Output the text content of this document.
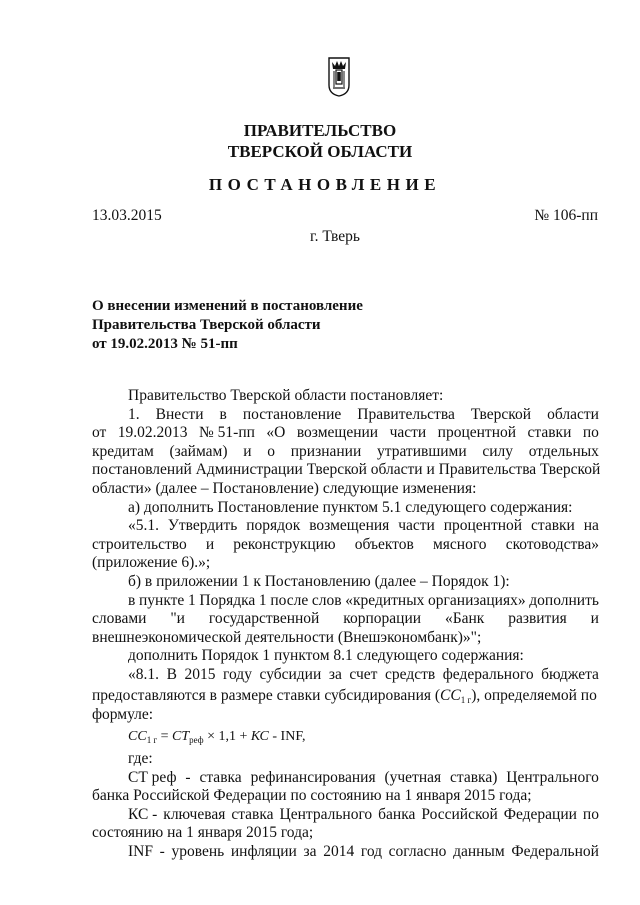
ПРАВИТЕЛЬСТВО
ТВЕРСКОЙ ОБЛАСТИ
ПОСТАНОВЛЕНИЕ
13.03.2015	№ 106-пп
г. Тверь
О внесении изменений в постановление
Правительства Тверской области
от 19.02.2013 № 51-пп
Правительство Тверской области постановляет:
1. Внести в постановление Правительства Тверской области
от 19.02.2013 № 51-пп «О возмещении части процентной ставки по
кредитам (займам) и о признании утратившими силу отдельных
постановлений Администрации Тверской области и Правительства Тверской
области» (далее – Постановление) следующие изменения:
а) дополнить Постановление пунктом 5.1 следующего содержания:
«5.1. Утвердить порядок возмещения части процентной ставки на
строительство и реконструкцию объектов мясного скотоводства»
(приложение 6).»;
б) в приложении 1 к Постановлению (далее – Порядок 1):
в пункте 1 Порядка 1 после слов «кредитных организациях» дополнить
словами "и государственной корпорации «Банк развития и
внешнеэкономической деятельности (Внешэкономбанк)»";
дополнить Порядок 1 пунктом 8.1 следующего содержания:
«8.1. В 2015 году субсидии за счет средств федерального бюджета
предоставляются в размере ставки субсидирования $(СС_{1 г})$, определяемой по
формуле:
$СС_{1 г} = СТ_{реф} \times 1,1$ + КС - INF,
где:
СТ реф - ставка рефинансирования (учетная ставка) Центрального
банка Российской Федерации по состоянию на 1 января 2015 года;
КС - ключевая ставка Центрального банка Российской Федерации по
состоянию на 1 января 2015 года;
INF - уровень инфляции за 2014 год согласно данным Федеральной
